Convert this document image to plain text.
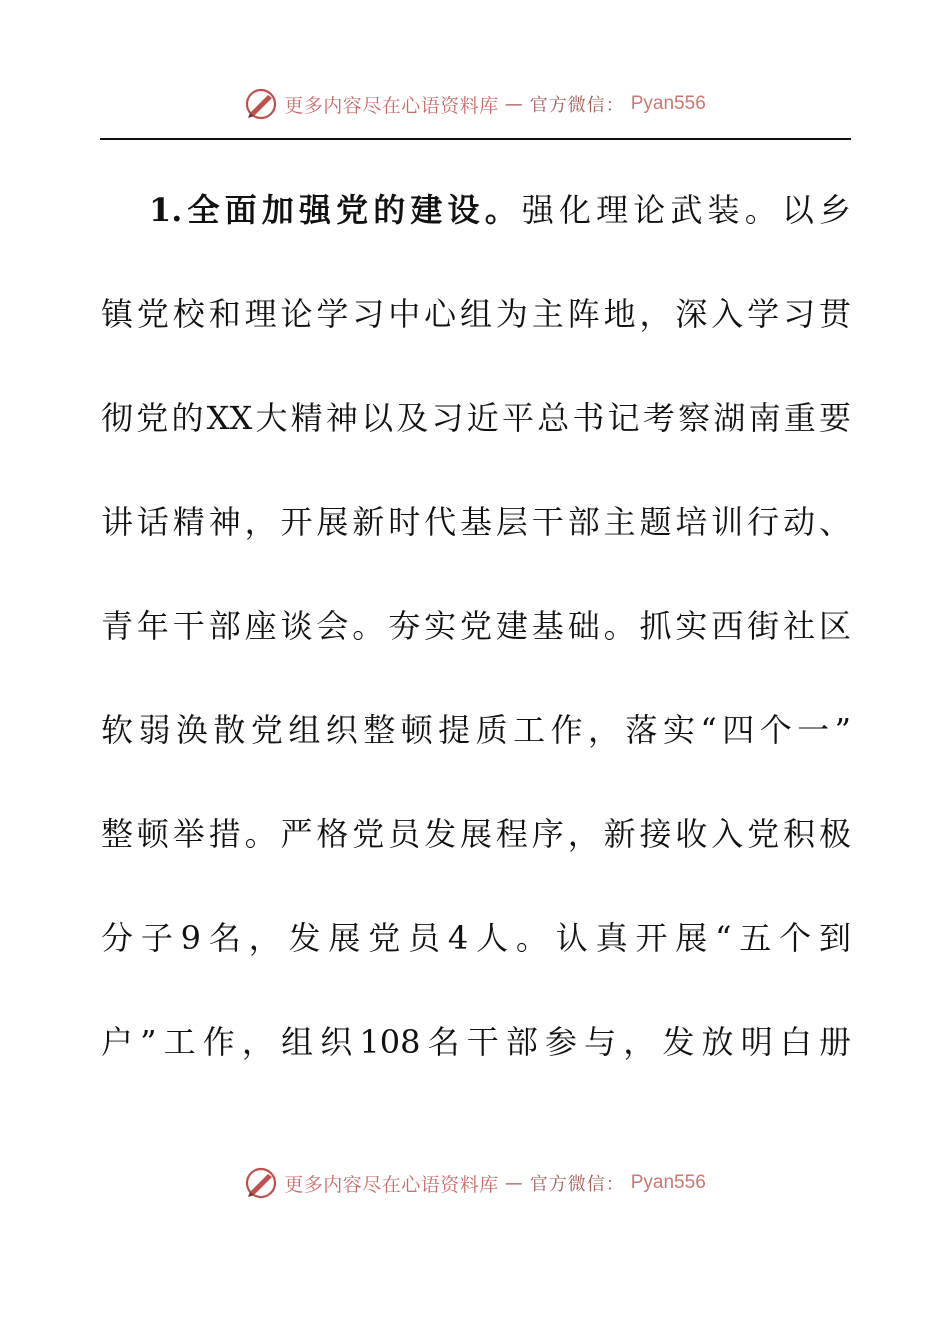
更多内容尽在心语资料库 — 官方微信： Pyan556
1.全面加强党的建设。强化理论武装。以乡
镇党校和理论学习中心组为主阵地，深入学习贯
彻党的XX大精神以及习近平总书记考察湖南重要
讲话精神，开展新时代基层干部主题培训行动、
青年干部座谈会。夯实党建基础。抓实西街社区
软弱涣散党组织整顿提质工作，落实“四个一”
整顿举措。严格党员发展程序，新接收入党积极
分子9名，发展党员4人。认真开展“五个到
户”工作，组织108名干部参与，发放明白册
更多内容尽在心语资料库 — 官方微信： Pyan556
